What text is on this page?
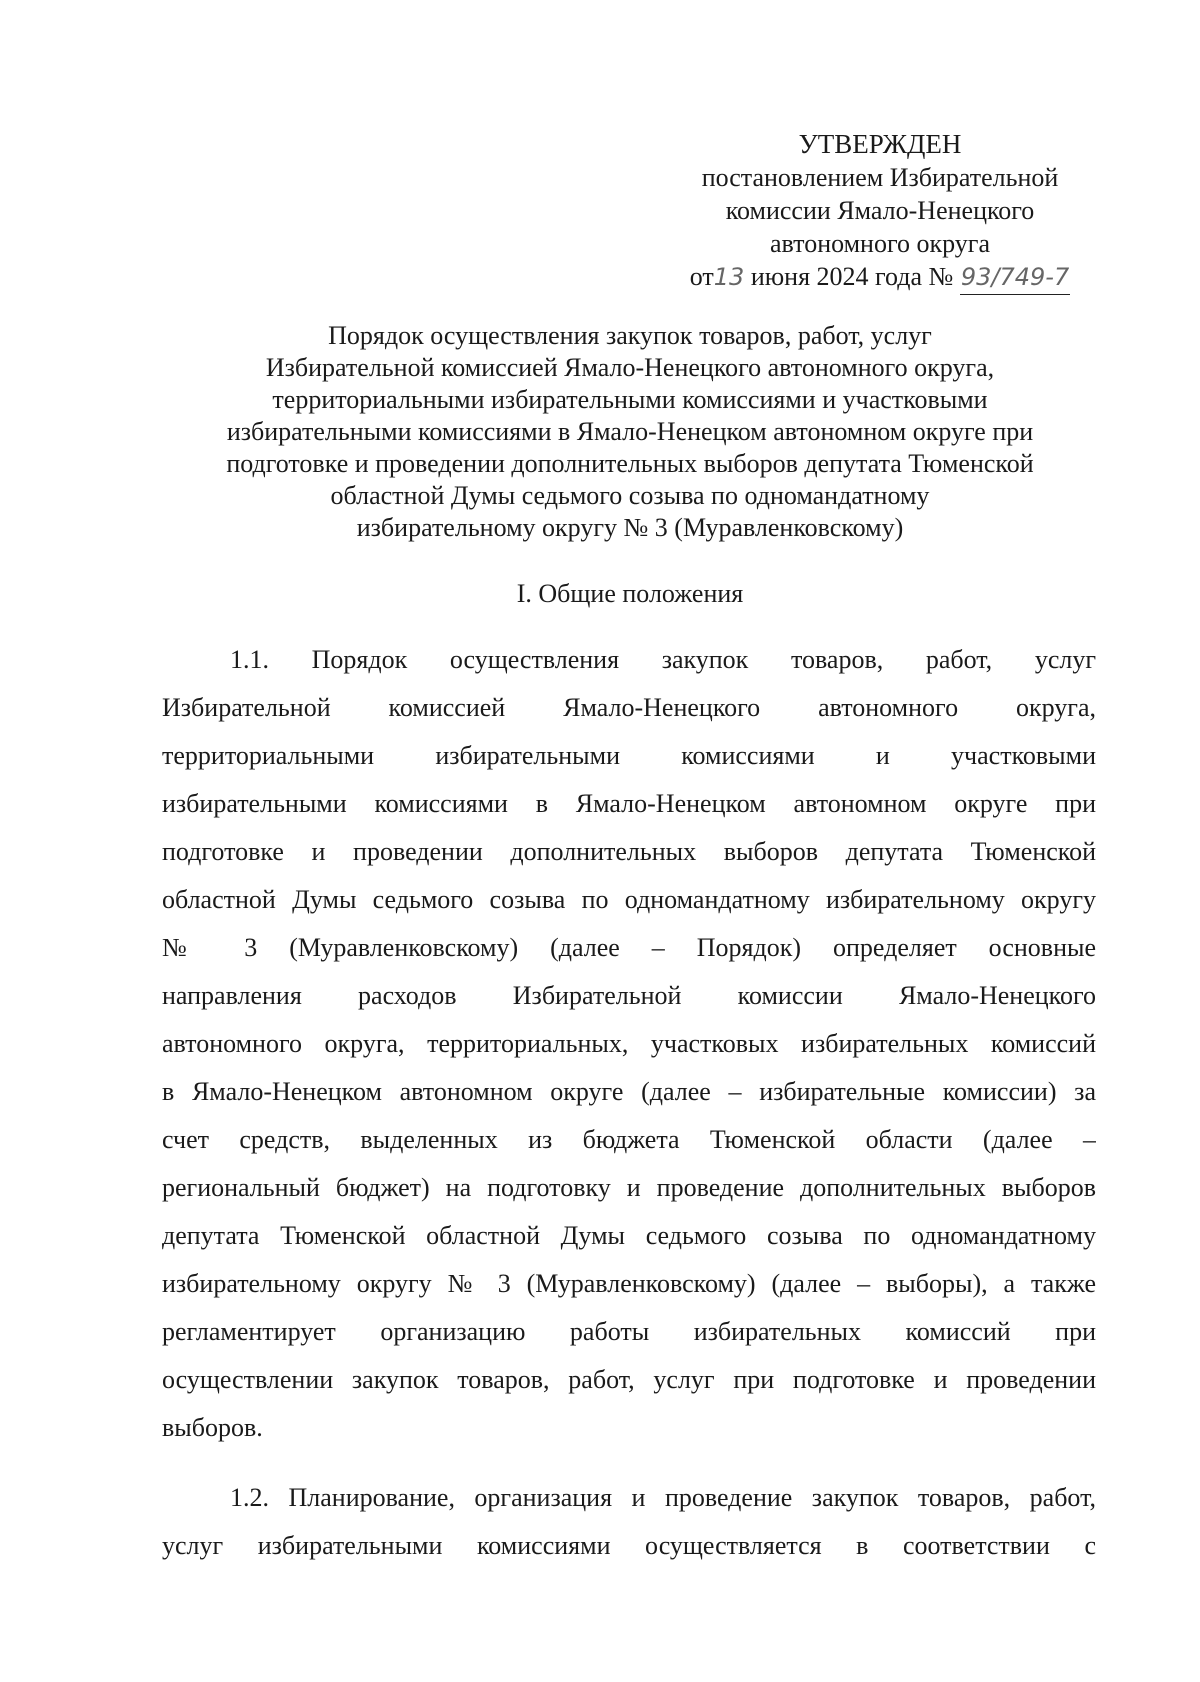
УТВЕРЖДЕН
постановлением Избирательной
комиссии Ямало-Ненецкого
автономного округа
от13 июня 2024 года № 93/749-7
Порядок осуществления закупок товаров, работ, услуг
Избирательной комиссией Ямало-Ненецкого автономного округа,
территориальными избирательными комиссиями и участковыми
избирательными комиссиями в Ямало-Ненецком автономном округе при
подготовке и проведении дополнительных выборов депутата Тюменской
областной Думы седьмого созыва по одномандатному
избирательному округу № 3 (Муравленковскому)
I. Общие положения
1.1. Порядок осуществления закупок товаров, работ, услуг
Избирательной комиссией Ямало-Ненецкого автономного округа,
территориальными избирательными комиссиями и участковыми
избирательными комиссиями в Ямало-Ненецком автономном округе при
подготовке и проведении дополнительных выборов депутата Тюменской
областной Думы седьмого созыва по одномандатному избирательному округу
№ 3 (Муравленковскому) (далее – Порядок) определяет основные
направления расходов Избирательной комиссии Ямало-Ненецкого
автономного округа, территориальных, участковых избирательных комиссий
в Ямало-Ненецком автономном округе (далее – избирательные комиссии) за
счет средств, выделенных из бюджета Тюменской области (далее –
региональный бюджет) на подготовку и проведение дополнительных выборов
депутата Тюменской областной Думы седьмого созыва по одномандатному
избирательному округу № 3 (Муравленковскому) (далее – выборы), а также
регламентирует организацию работы избирательных комиссий при
осуществлении закупок товаров, работ, услуг при подготовке и проведении
выборов.
1.2. Планирование, организация и проведение закупок товаров, работ,
услуг избирательными комиссиями осуществляется в соответствии с
